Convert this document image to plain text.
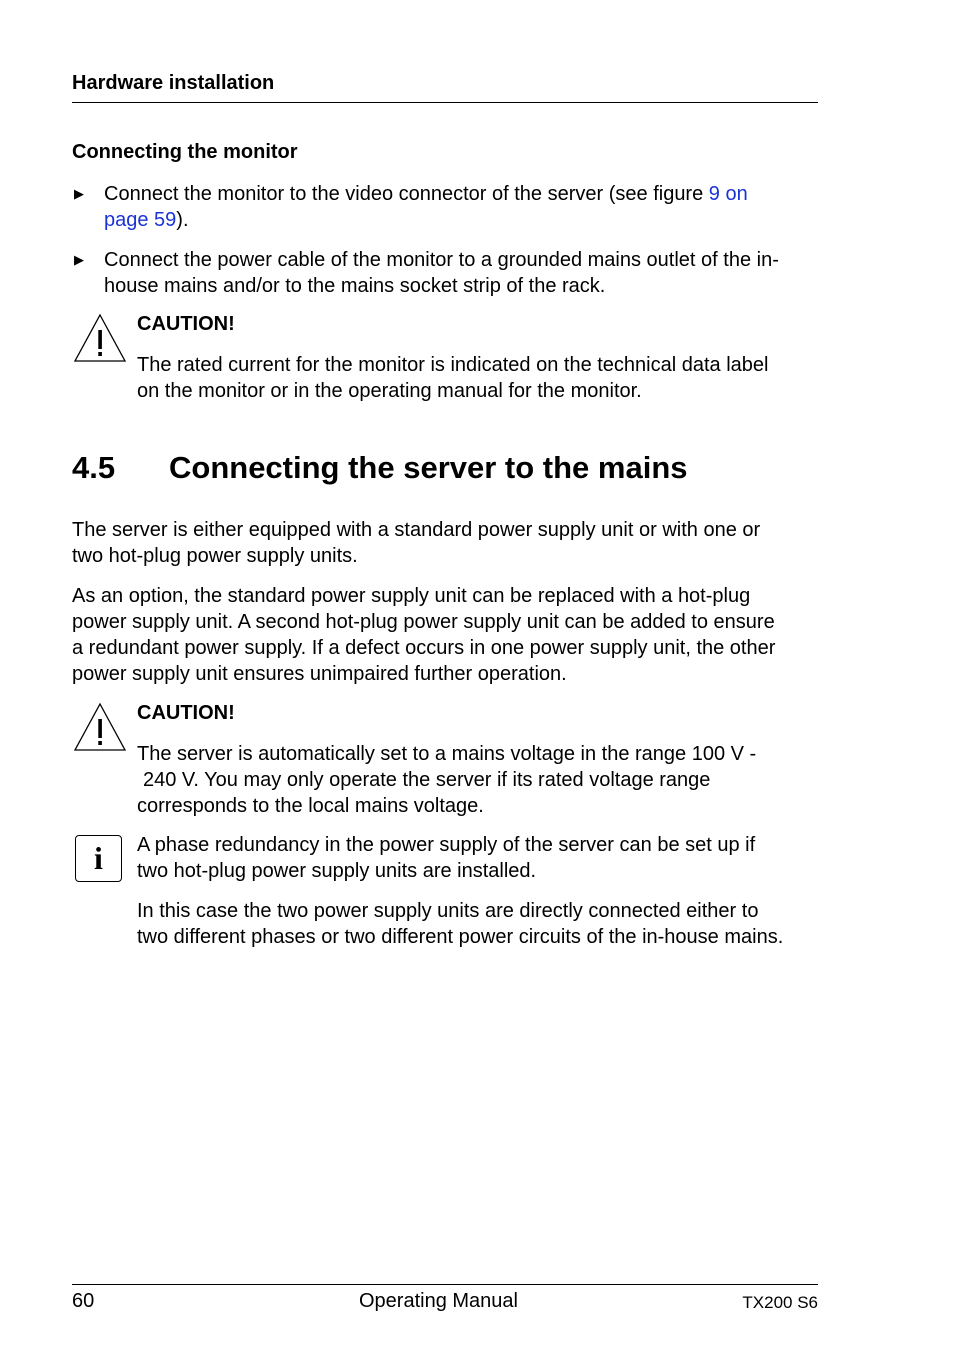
Hardware installation
Connecting the monitor
▶ Connect the monitor to the video connector of the server (see figure 9 on
page 59).
▶ Connect the power cable of the monitor to a grounded mains outlet of the in-
house mains and/or to the mains socket strip of the rack.
CAUTION!
The rated current for the monitor is indicated on the technical data label
on the monitor or in the operating manual for the monitor.
4.5 Connecting the server to the mains
The server is either equipped with a standard power supply unit or with one or
two hot-plug power supply units.
As an option, the standard power supply unit can be replaced with a hot-plug
power supply unit. A second hot-plug power supply unit can be added to ensure
a redundant power supply. If a defect occurs in one power supply unit, the other
power supply unit ensures unimpaired further operation.
CAUTION!
The server is automatically set to a mains voltage in the range 100 V -
240 V. You may only operate the server if its rated voltage range
corresponds to the local mains voltage.
i	A phase redundancy in the power supply of the server can be set up if
two hot-plug power supply units are installed.
In this case the two power supply units are directly connected either to
two different phases or two different power circuits of the in-house mains.
60	Operating Manual	TX200 S6
